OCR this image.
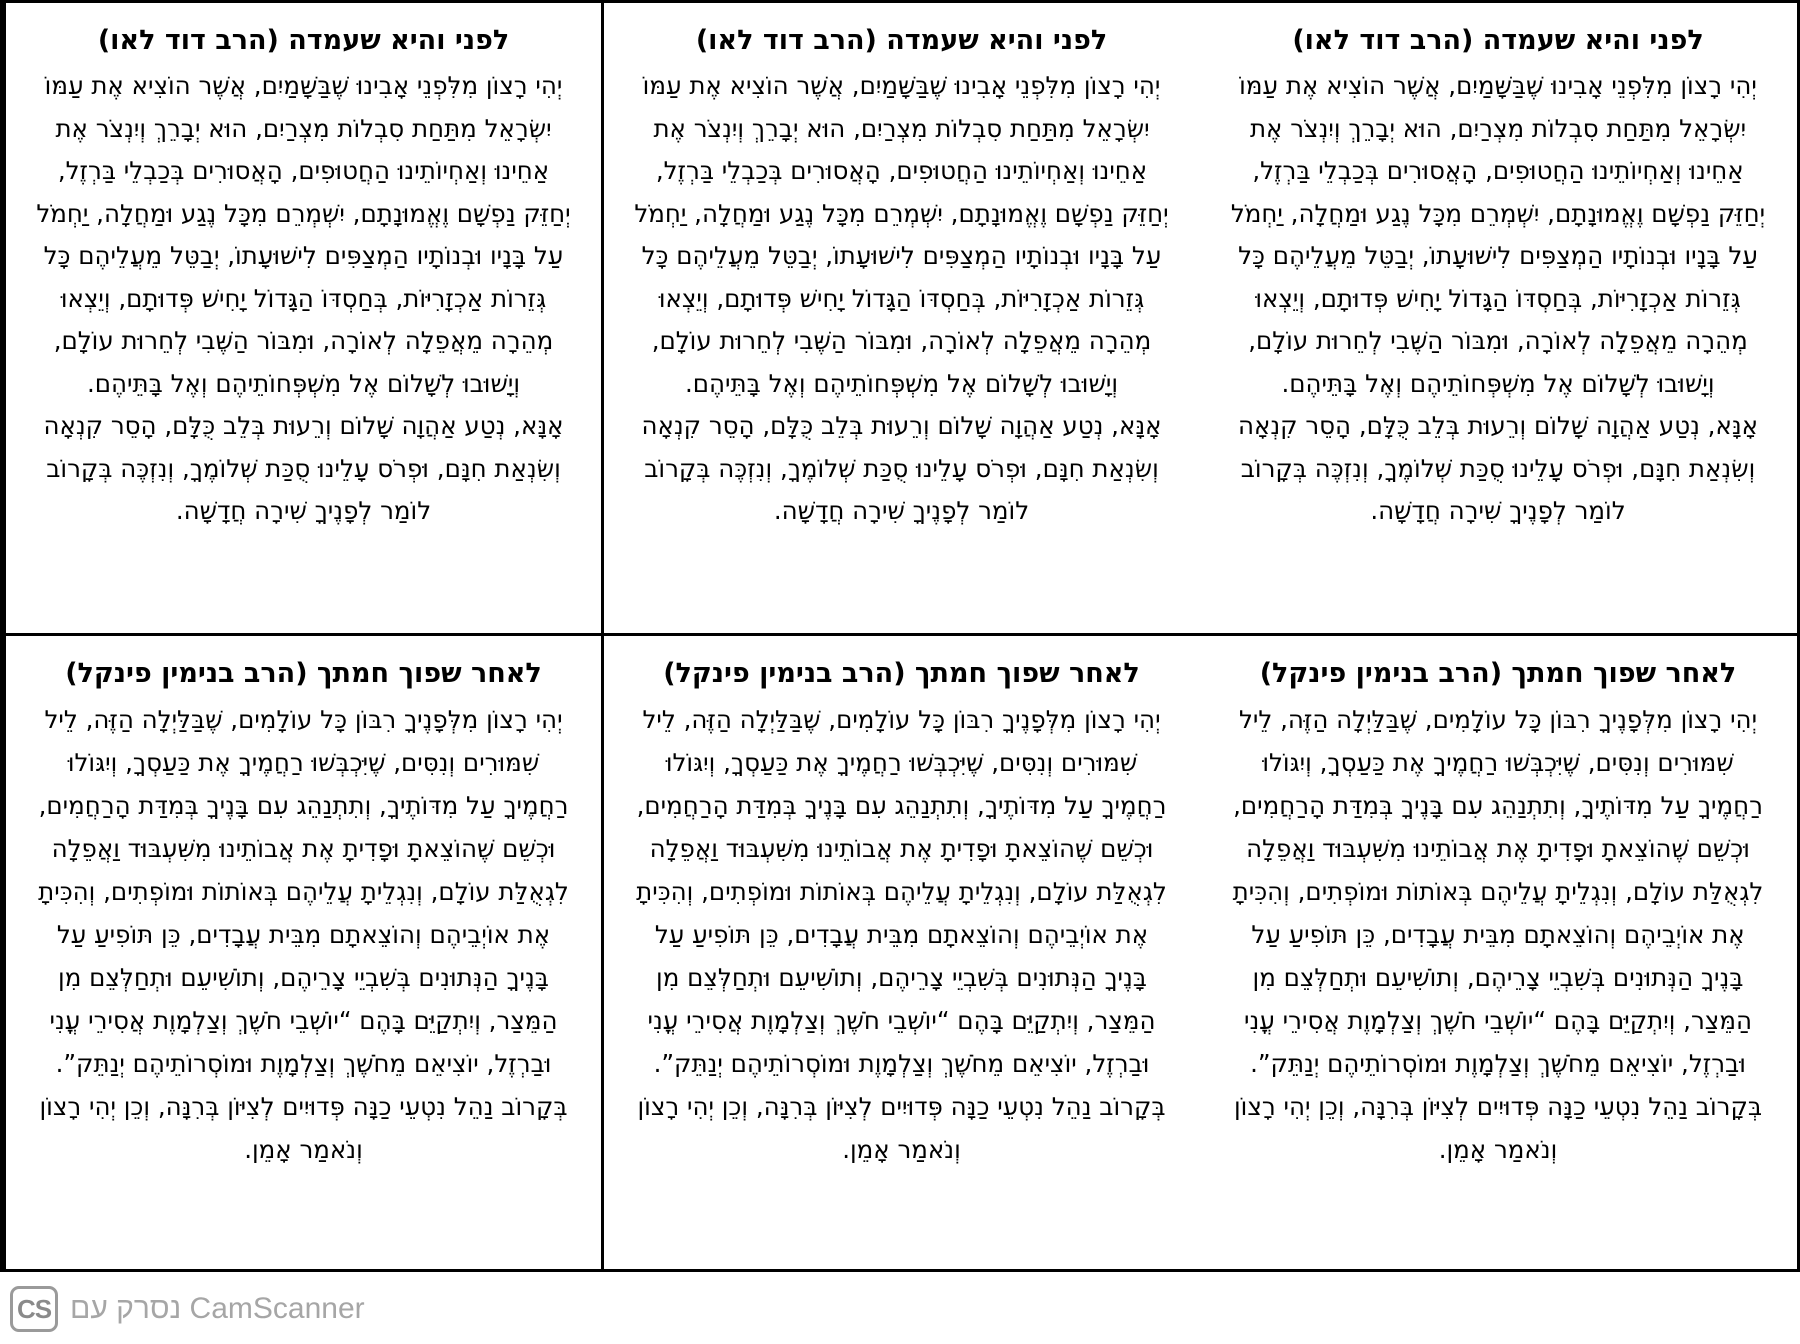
לפני והיא שעמדה (הרב דוד לאו)

יְהִי רָצוֹן מִלִּפְנֵי אָבִינוּ שֶׁבַּשָּׁמַיִם, אֲשֶׁר הוֹצִיא אֶת עַמּוֹ יִשְׂרָאֵל מִתַּחַת סִבְלוֹת מִצְרַיִם, הוּא יְבָרֵךְ וְיִנְצֹר אֶת אַחֵינוּ וְאַחְיוֹתֵינוּ הַחֲטוּפִים, הָאֲסוּרִים בְּכַבְלֵי בַּרְזֶל, יְחַזֵּק נַפְשָׁם וֶאֱמוּנָתָם, יִשְׁמְרֵם מִכָּל נֶגַע וּמַחֲלָה, יַחְמֹל עַל בָּנָיו וּבְנוֹתָיו הַמְצַפִּים לִישׁוּעָתוֹ, יְבַטֵּל מֵעֲלֵיהֶם כָּל גְּזֵרוֹת אַכְזָרִיּוֹת, בְּחַסְדּוֹ הַגָּדוֹל יָחִישׁ פְּדוּתָם, וְיֵצְאוּ מְהֵרָה מֵאֲפֵלָה לְאוֹרָה, וּמִבּוֹר הַשֶּׁבִי לְחֵרוּת עוֹלָם, וְיָשׁוּבוּ לְשָׁלוֹם אֶל מִשְׁפְּחוֹתֵיהֶם וְאֶל בָּתֵּיהֶם.

אָנָּא, נְטַע אַהֲוָה שָׁלוֹם וְרֵעוּת בְּלֵב כֻּלָּם, הָסֵר קִנְאָה וְשִׂנְאַת חִנָּם, וּפְרֹס עָלֵינוּ סֻכַּת שְׁלוֹמֶךָ, וְנִזְכֶּה בְּקָרוֹב לוֹמַר לְפָנֶיךָ שִׁירָה חֲדָשָׁה.

לפני והיא שעמדה (הרב דוד לאו)

יְהִי רָצוֹן מִלִּפְנֵי אָבִינוּ שֶׁבַּשָּׁמַיִם, אֲשֶׁר הוֹצִיא אֶת עַמּוֹ יִשְׂרָאֵל מִתַּחַת סִבְלוֹת מִצְרַיִם, הוּא יְבָרֵךְ וְיִנְצֹר אֶת אַחֵינוּ וְאַחְיוֹתֵינוּ הַחֲטוּפִים, הָאֲסוּרִים בְּכַבְלֵי בַּרְזֶל, יְחַזֵּק נַפְשָׁם וֶאֱמוּנָתָם, יִשְׁמְרֵם מִכָּל נֶגַע וּמַחֲלָה, יַחְמֹל עַל בָּנָיו וּבְנוֹתָיו הַמְצַפִּים לִישׁוּעָתוֹ, יְבַטֵּל מֵעֲלֵיהֶם כָּל גְּזֵרוֹת אַכְזָרִיּוֹת, בְּחַסְדּוֹ הַגָּדוֹל יָחִישׁ פְּדוּתָם, וְיֵצְאוּ מְהֵרָה מֵאֲפֵלָה לְאוֹרָה, וּמִבּוֹר הַשֶּׁבִי לְחֵרוּת עוֹלָם, וְיָשׁוּבוּ לְשָׁלוֹם אֶל מִשְׁפְּחוֹתֵיהֶם וְאֶל בָּתֵּיהֶם.

אָנָּא, נְטַע אַהֲוָה שָׁלוֹם וְרֵעוּת בְּלֵב כֻּלָּם, הָסֵר קִנְאָה וְשִׂנְאַת חִנָּם, וּפְרֹס עָלֵינוּ סֻכַּת שְׁלוֹמֶךָ, וְנִזְכֶּה בְּקָרוֹב לוֹמַר לְפָנֶיךָ שִׁירָה חֲדָשָׁה.

לפני והיא שעמדה (הרב דוד לאו)

יְהִי רָצוֹן מִלִּפְנֵי אָבִינוּ שֶׁבַּשָּׁמַיִם, אֲשֶׁר הוֹצִיא אֶת עַמּוֹ יִשְׂרָאֵל מִתַּחַת סִבְלוֹת מִצְרַיִם, הוּא יְבָרֵךְ וְיִנְצֹר אֶת אַחֵינוּ וְאַחְיוֹתֵינוּ הַחֲטוּפִים, הָאֲסוּרִים בְּכַבְלֵי בַּרְזֶל, יְחַזֵּק נַפְשָׁם וֶאֱמוּנָתָם, יִשְׁמְרֵם מִכָּל נֶגַע וּמַחֲלָה, יַחְמֹל עַל בָּנָיו וּבְנוֹתָיו הַמְצַפִּים לִישׁוּעָתוֹ, יְבַטֵּל מֵעֲלֵיהֶם כָּל גְּזֵרוֹת אַכְזָרִיּוֹת, בְּחַסְדּוֹ הַגָּדוֹל יָחִישׁ פְּדוּתָם, וְיֵצְאוּ מְהֵרָה מֵאֲפֵלָה לְאוֹרָה, וּמִבּוֹר הַשֶּׁבִי לְחֵרוּת עוֹלָם, וְיָשׁוּבוּ לְשָׁלוֹם אֶל מִשְׁפְּחוֹתֵיהֶם וְאֶל בָּתֵּיהֶם.

אָנָּא, נְטַע אַהֲוָה שָׁלוֹם וְרֵעוּת בְּלֵב כֻּלָּם, הָסֵר קִנְאָה וְשִׂנְאַת חִנָּם, וּפְרֹס עָלֵינוּ סֻכַּת שְׁלוֹמֶךָ, וְנִזְכֶּה בְּקָרוֹב לוֹמַר לְפָנֶיךָ שִׁירָה חֲדָשָׁה.

לאחר שפוך חמתך (הרב בנימין פינקל)

יְהִי רָצוֹן מִלְּפָנֶיךָ רִבּוֹן כָּל עוֹלָמִים, שֶׁבַּלַּיְלָה הַזֶּה, לֵיל שִׁמּוּרִים וְנִסִּים, שֶׁיִּכְבְּשׁוּ רַחֲמֶיךָ אֶת כַּעַסְךָ, וְיִגּוֹלוּ רַחֲמֶיךָ עַל מִדּוֹתֶיךָ, וְתִתְנַהֵג עִם בָּנֶיךָ בְּמִדַּת הָרַחֲמִים, וּכְשֵׁם שֶׁהוֹצֵאתָ וּפָדִיתָ אֶת אֲבוֹתֵינוּ מִשִּׁעְבּוּד וַאֲפֵלָה לִגְאֻלַּת עוֹלָם, וְנִגְלֵיתָ עֲלֵיהֶם בְּאוֹתוֹת וּמוֹפְתִים, וְהִכִּיתָ אֶת אוֹיְבֵיהֶם וְהוֹצֵאתָם מִבֵּית עֲבָדִים, כֵּן תּוֹפִיעַ עַל בָּנֶיךָ הַנְּתוּנִים בְּשִׁבְיֵי צָרֵיהֶם, וְתוֹשִׁיעֵם וּתְחַלְּצֵם מִן הַמֵּצַר, וְיִתְקַיֵּם בָּהֶם “יוֹשְׁבֵי חֹשֶׁךְ וְצַלְמָוֶת אֲסִירֵי עֳנִי וּבַרְזֶל, יוֹצִיאֵם מֵחֹשֶׁךְ וְצַלְמָוֶת וּמוֹסְרוֹתֵיהֶם יְנַתֵּק”. בְּקָרוֹב נַהֵל נִטְעֵי כַנָּה פְּדוּיִים לְצִיּוֹן בְּרִנָּה, וְכֵן יְהִי רָצוֹן וְנֹאמַר אָמֵן.

לאחר שפוך חמתך (הרב בנימין פינקל)

יְהִי רָצוֹן מִלְּפָנֶיךָ רִבּוֹן כָּל עוֹלָמִים, שֶׁבַּלַּיְלָה הַזֶּה, לֵיל שִׁמּוּרִים וְנִסִּים, שֶׁיִּכְבְּשׁוּ רַחֲמֶיךָ אֶת כַּעַסְךָ, וְיִגּוֹלוּ רַחֲמֶיךָ עַל מִדּוֹתֶיךָ, וְתִתְנַהֵג עִם בָּנֶיךָ בְּמִדַּת הָרַחֲמִים, וּכְשֵׁם שֶׁהוֹצֵאתָ וּפָדִיתָ אֶת אֲבוֹתֵינוּ מִשִּׁעְבּוּד וַאֲפֵלָה לִגְאֻלַּת עוֹלָם, וְנִגְלֵיתָ עֲלֵיהֶם בְּאוֹתוֹת וּמוֹפְתִים, וְהִכִּיתָ אֶת אוֹיְבֵיהֶם וְהוֹצֵאתָם מִבֵּית עֲבָדִים, כֵּן תּוֹפִיעַ עַל בָּנֶיךָ הַנְּתוּנִים בְּשִׁבְיֵי צָרֵיהֶם, וְתוֹשִׁיעֵם וּתְחַלְּצֵם מִן הַמֵּצַר, וְיִתְקַיֵּם בָּהֶם “יוֹשְׁבֵי חֹשֶׁךְ וְצַלְמָוֶת אֲסִירֵי עֳנִי וּבַרְזֶל, יוֹצִיאֵם מֵחֹשֶׁךְ וְצַלְמָוֶת וּמוֹסְרוֹתֵיהֶם יְנַתֵּק”. בְּקָרוֹב נַהֵל נִטְעֵי כַנָּה פְּדוּיִים לְצִיּוֹן בְּרִנָּה, וְכֵן יְהִי רָצוֹן וְנֹאמַר אָמֵן.

לאחר שפוך חמתך (הרב בנימין פינקל)

יְהִי רָצוֹן מִלְּפָנֶיךָ רִבּוֹן כָּל עוֹלָמִים, שֶׁבַּלַּיְלָה הַזֶּה, לֵיל שִׁמּוּרִים וְנִסִּים, שֶׁיִּכְבְּשׁוּ רַחֲמֶיךָ אֶת כַּעַסְךָ, וְיִגּוֹלוּ רַחֲמֶיךָ עַל מִדּוֹתֶיךָ, וְתִתְנַהֵג עִם בָּנֶיךָ בְּמִדַּת הָרַחֲמִים, וּכְשֵׁם שֶׁהוֹצֵאתָ וּפָדִיתָ אֶת אֲבוֹתֵינוּ מִשִּׁעְבּוּד וַאֲפֵלָה לִגְאֻלַּת עוֹלָם, וְנִגְלֵיתָ עֲלֵיהֶם בְּאוֹתוֹת וּמוֹפְתִים, וְהִכִּיתָ אֶת אוֹיְבֵיהֶם וְהוֹצֵאתָם מִבֵּית עֲבָדִים, כֵּן תּוֹפִיעַ עַל בָּנֶיךָ הַנְּתוּנִים בְּשִׁבְיֵי צָרֵיהֶם, וְתוֹשִׁיעֵם וּתְחַלְּצֵם מִן הַמֵּצַר, וְיִתְקַיֵּם בָּהֶם “יוֹשְׁבֵי חֹשֶׁךְ וְצַלְמָוֶת אֲסִירֵי עֳנִי וּבַרְזֶל, יוֹצִיאֵם מֵחֹשֶׁךְ וְצַלְמָוֶת וּמוֹסְרוֹתֵיהֶם יְנַתֵּק”. בְּקָרוֹב נַהֵל נִטְעֵי כַנָּה פְּדוּיִים לְצִיּוֹן בְּרִנָּה, וְכֵן יְהִי רָצוֹן וְנֹאמַר אָמֵן.

CS נסרק עם CamScanner
